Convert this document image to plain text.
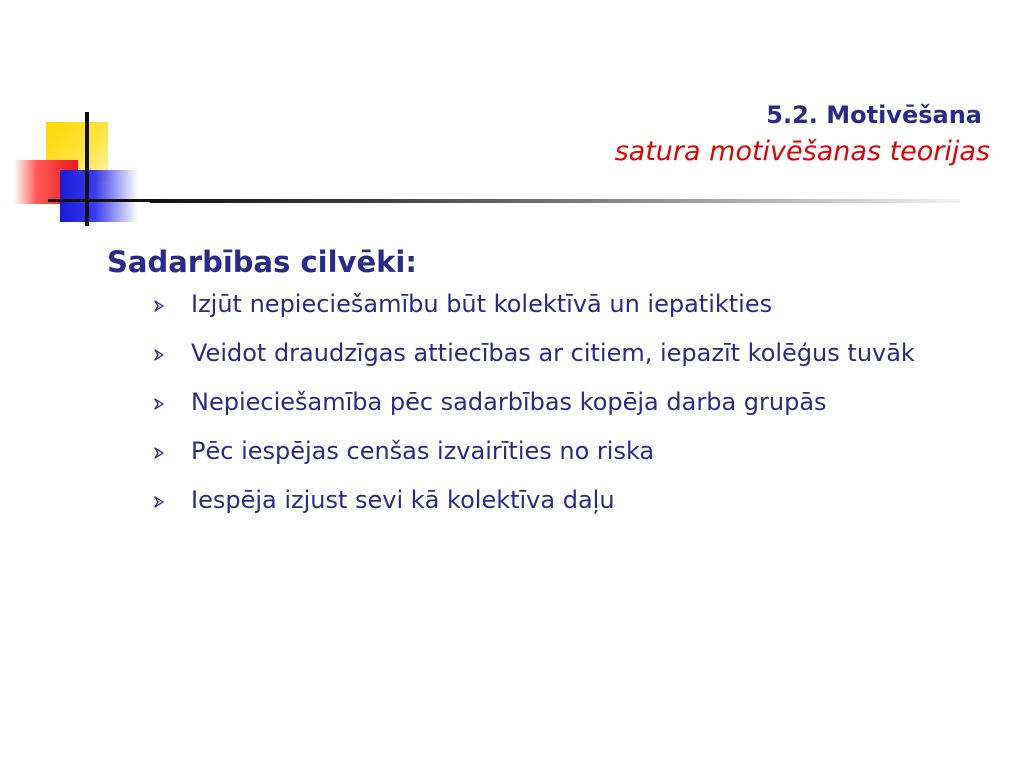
5.2. Motivēšana
satura motivēšanas teorijas
Sadarbības cilvēki:
Izjūt nepieciešamību būt kolektīvā un iepatikties
Veidot draudzīgas attiecības ar citiem, iepazīt kolēģus tuvāk
Nepieciešamība pēc sadarbības kopēja darba grupās
Pēc iespējas cenšas izvairīties no riska
Iespēja izjust sevi kā kolektīva daļu
